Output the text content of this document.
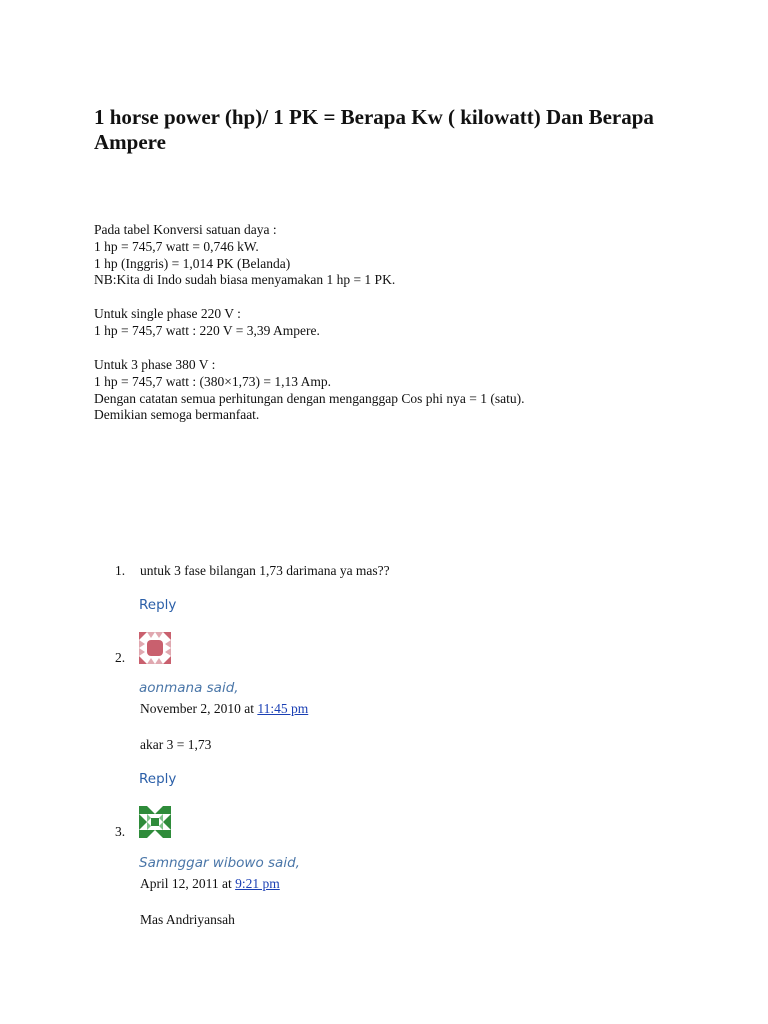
1 horse power (hp)/ 1 PK = Berapa Kw ( kilowatt) Dan Berapa Ampere
Pada tabel Konversi satuan daya :
1 hp = 745,7 watt = 0,746 kW.
1 hp (Inggris) = 1,014 PK (Belanda)
NB:Kita di Indo sudah biasa menyamakan 1 hp = 1 PK.
Untuk single phase 220 V :
1 hp = 745,7 watt : 220 V = 3,39 Ampere.
Untuk 3 phase 380 V :
1 hp = 745,7 watt : (380×1,73) = 1,13 Amp.
Dengan catatan semua perhitungan dengan menganggap Cos phi nya = 1 (satu).
Demikian semoga bermanfaat.
1. untuk 3 fase bilangan 1,73 darimana ya mas??
Reply
2.
aonmana said,
November 2, 2010 at 11:45 pm
akar 3 = 1,73
Reply
3.
Samnggar wibowo said,
April 12, 2011 at 9:21 pm
Mas Andriyansah
